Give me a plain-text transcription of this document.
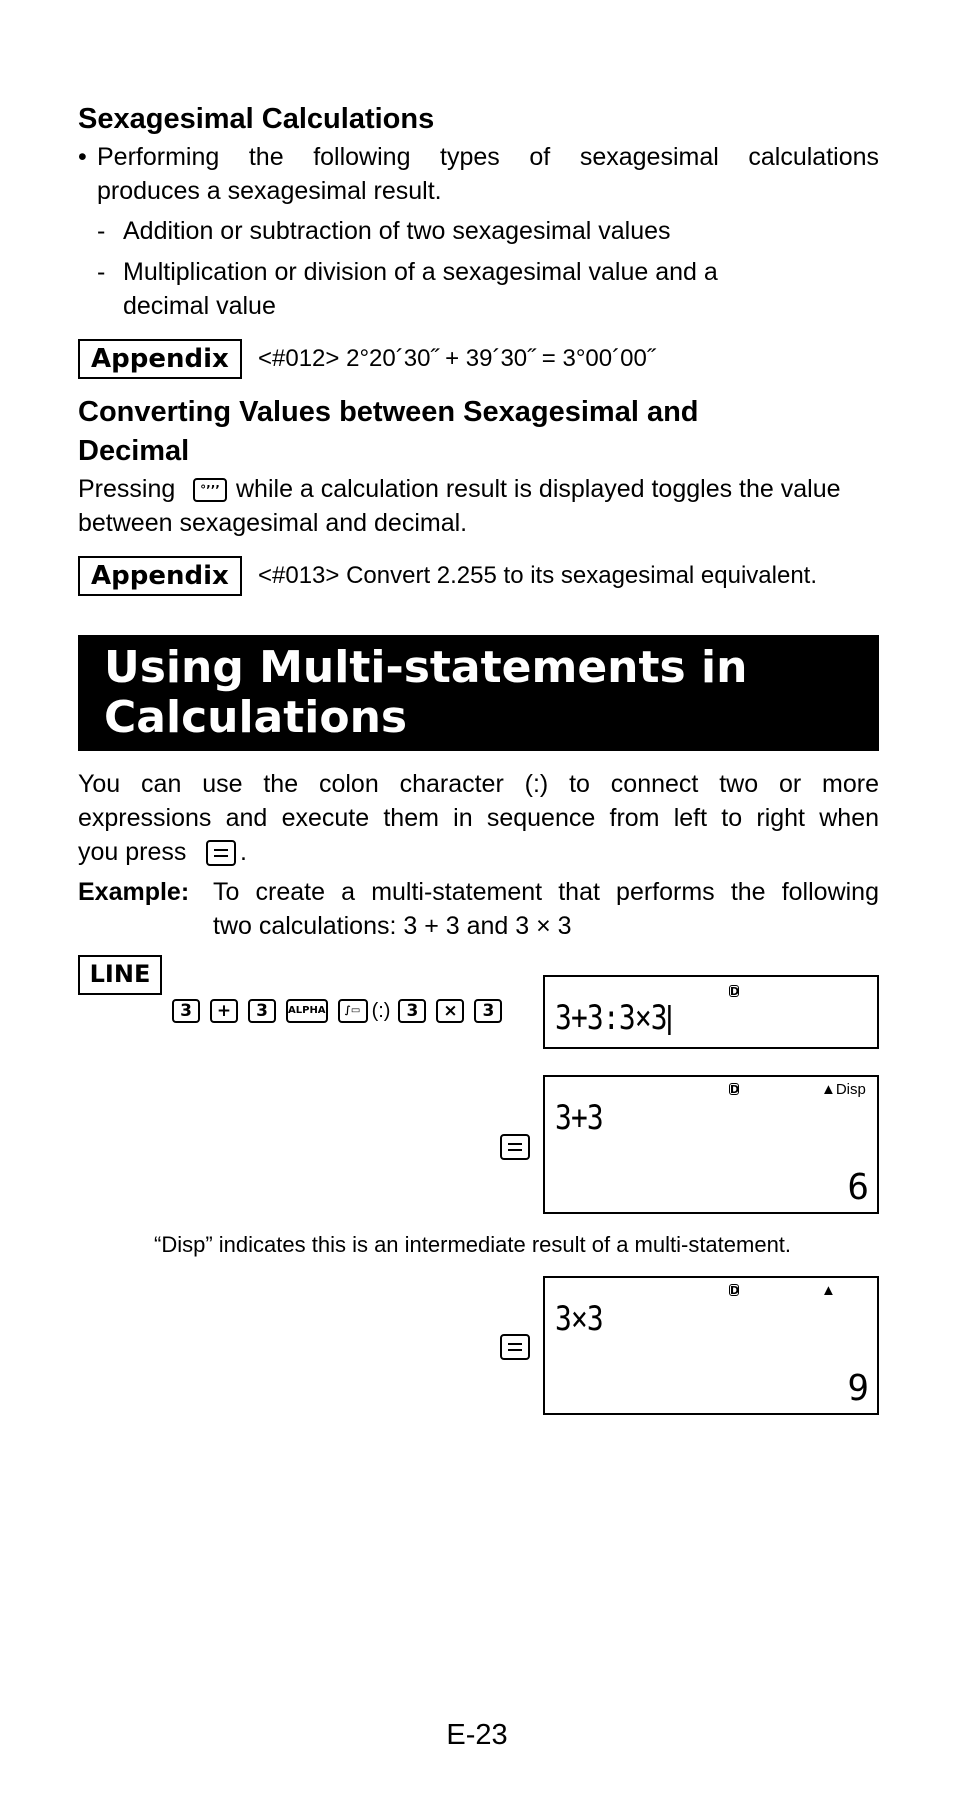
Sexagesimal Calculations
• Performing the following types of sexagesimal calculations
produces a sexagesimal result.
- Addition or subtraction of two sexagesimal values
- Multiplication or division of a sexagesimal value and a
decimal value
Appendix	<#012> 2°20´30˝ + 39´30˝ = 3°00´00˝
Converting Values between Sexagesimal and
Decimal
Pressing	°’’’ while a calculation result is displayed toggles the value
between sexagesimal and decimal.
Appendix	<#013> Convert 2.255 to its sexagesimal equivalent.
Using Multi-statements in
Calculations
You can use the colon character (:) to connect two or more
expressions and execute them in sequence from left to right when
you press .
Example: To create a multi-statement that performs the following
two calculations: 3 + 3 and 3 × 3
LINE
3 + 3 ALPHA ∫▭ (:) 3 × 3
D
3+3:3×3
D	▲Disp
3+3
6
“Disp” indicates this is an intermediate result of a multi-statement.
D	▲
3×3
9
E-23
